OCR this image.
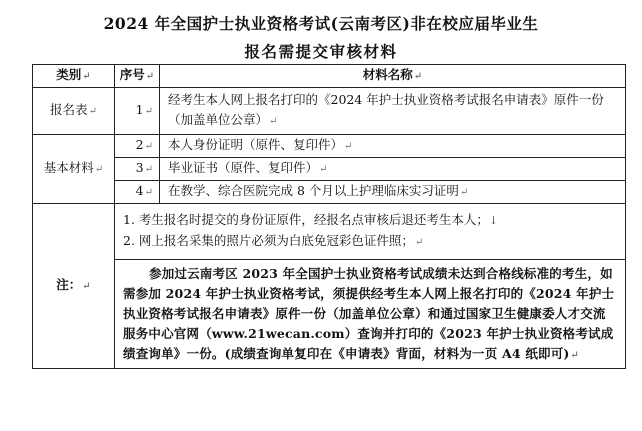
2024 年全国护士执业资格考试(云南考区)非在校应届毕业生
报名需提交审核材料
类别↵	序号↵	材料名称↵
报名表↵	1↵	经考生本人网上报名打印的《2024 年护士执业资格考试报名申请表》原件一份（加盖单位公章）↵
基本材料↵	2↵	本人身份证明（原件、复印件）↵
	3↵	毕业证书（原件、复印件）↵
	4↵	在教学、综合医院完成 8 个月以上护理临床实习证明↵
注：↵	1. 考生报名时提交的身份证原件，经报名点审核后退还考生本人；↓
2. 网上报名采集的照片必须为白底免冠彩色证件照；↵	

	参加过云南考区 2023 年全国护士执业资格考试成绩未达到合格线标准的考生，如需参加 2024 年护士执业资格考试，须提供经考生本人网上报名打印的《2024 年护士执业资格考试报名申请表》原件一份（加盖单位公章）和通过国家卫生健康委人才交流服务中心官网（www.21wecan.com）查询并打印的《2023 年护士执业资格考试成绩查询单》一份。(成绩查询单复印在《申请表》背面，材料为一页 A4 纸即可)↵	
